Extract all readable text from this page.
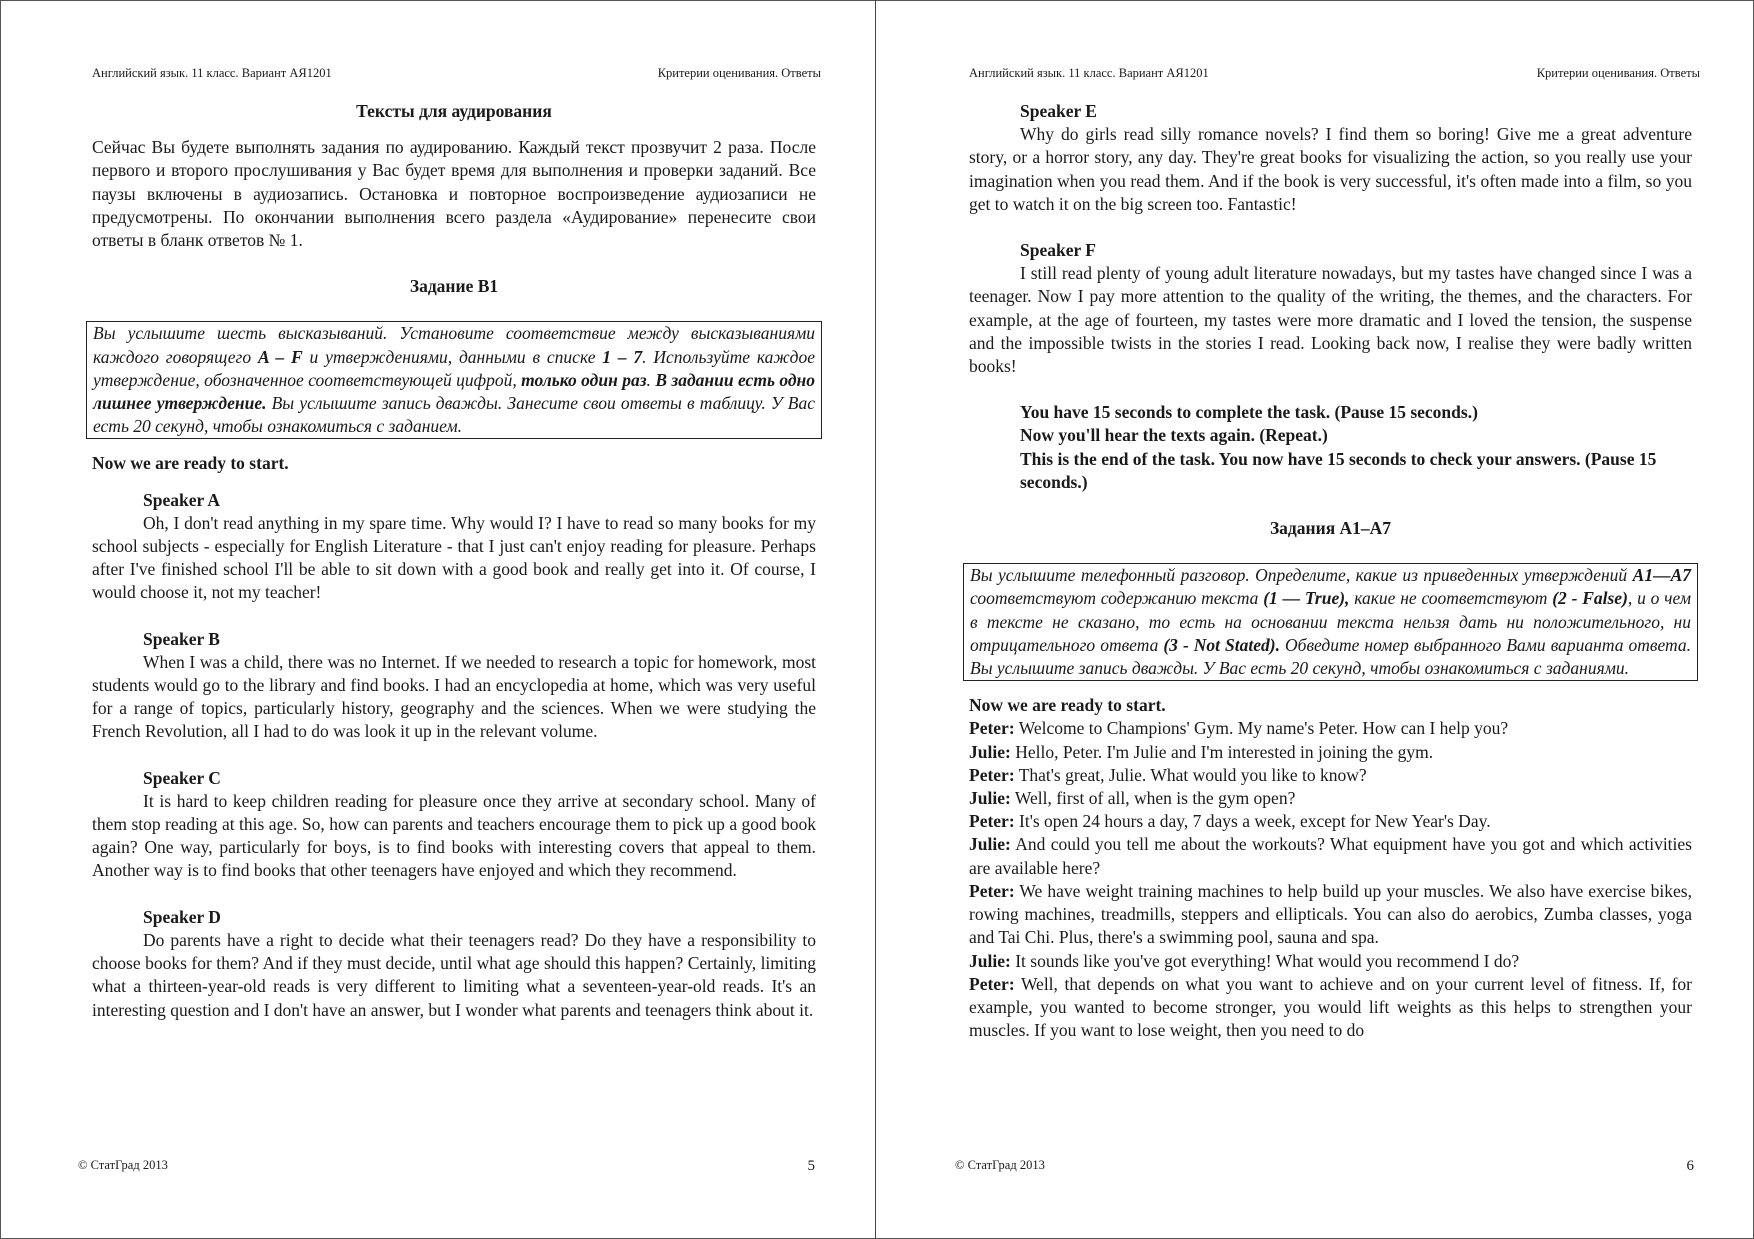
Английский язык. 11 класс. Вариант АЯ1201	Критерии оценивания. Ответы

Тексты для аудирования

Сейчас Вы будете выполнять задания по аудированию. Каждый текст прозвучит 2 раза. После первого и второго прослушивания у Вас будет время для выполнения и проверки заданий. Все паузы включены в аудиозапись. Остановка и повторное воспроизведение аудиозаписи не предусмотрены. По окончании выполнения всего раздела «Аудирование» перенесите свои ответы в бланк ответов № 1.

Задание B1

Вы услышите шесть высказываний. Установите соответствие между высказываниями каждого говорящего A – F и утверждениями, данными в списке 1 – 7. Используйте каждое утверждение, обозначенное соответствующей цифрой, только один раз. В задании есть одно лишнее утверждение. Вы услышите запись дважды. Занесите свои ответы в таблицу. У Вас есть 20 секунд, чтобы ознакомиться с заданием.

Now we are ready to start.

Speaker A

Oh, I don't read anything in my spare time. Why would I? I have to read so many books for my school subjects - especially for English Literature - that I just can't enjoy reading for pleasure. Perhaps after I've finished school I'll be able to sit down with a good book and really get into it. Of course, I would choose it, not my teacher!

Speaker B

When I was a child, there was no Internet. If we needed to research a topic for homework, most students would go to the library and find books. I had an encyclopedia at home, which was very useful for a range of topics, particularly history, geography and the sciences. When we were studying the French Revolution, all I had to do was look it up in the relevant volume.

Speaker C

It is hard to keep children reading for pleasure once they arrive at secondary school. Many of them stop reading at this age. So, how can parents and teachers encourage them to pick up a good book again? One way, particularly for boys, is to find books with interesting covers that appeal to them. Another way is to find books that other teenagers have enjoyed and which they recommend.

Speaker D

Do parents have a right to decide what their teenagers read? Do they have a responsibility to choose books for them? And if they must decide, until what age should this happen? Certainly, limiting what a thirteen-year-old reads is very different to limiting what a seventeen-year-old reads. It's an interesting question and I don't have an answer, but I wonder what parents and teenagers think about it.

© СтатГрад 2013	5
Английский язык. 11 класс. Вариант АЯ1201	Критерии оценивания. Ответы

Speaker E

Why do girls read silly romance novels? I find them so boring! Give me a great adventure story, or a horror story, any day. They're great books for visualizing the action, so you really use your imagination when you read them. And if the book is very successful, it's often made into a film, so you get to watch it on the big screen too. Fantastic!

Speaker F

I still read plenty of young adult literature nowadays, but my tastes have changed since I was a teenager. Now I pay more attention to the quality of the writing, the themes, and the characters. For example, at the age of fourteen, my tastes were more dramatic and I loved the tension, the suspense and the impossible twists in the stories I read. Looking back now, I realise they were badly written books!

You have 15 seconds to complete the task. (Pause 15 seconds.)

Now you'll hear the texts again. (Repeat.)

This is the end of the task. You now have 15 seconds to check your answers. (Pause 15 seconds.)

Задания А1–А7

Вы услышите телефонный разговор. Определите, какие из приведенных утверждений А1—А7 соответствуют содержанию текста (1 — True), какие не соответствуют (2 - False), и о чем в тексте не сказано, то есть на основании текста нельзя дать ни положительного, ни отрицательного ответа (3 - Not Stated). Обведите номер выбранного Вами варианта ответа. Вы услышите запись дважды. У Вас есть 20 секунд, чтобы ознакомиться с заданиями.

Now we are ready to start.

Peter: Welcome to Champions' Gym. My name's Peter. How can I help you?

Julie: Hello, Peter. I'm Julie and I'm interested in joining the gym.

Peter: That's great, Julie. What would you like to know?

Julie: Well, first of all, when is the gym open?

Peter: It's open 24 hours a day, 7 days a week, except for New Year's Day.

Julie: And could you tell me about the workouts? What equipment have you got and which activities are available here?

Peter: We have weight training machines to help build up your muscles. We also have exercise bikes, rowing machines, treadmills, steppers and ellipticals. You can also do aerobics, Zumba classes, yoga and Tai Chi. Plus, there's a swimming pool, sauna and spa.

Julie: It sounds like you've got everything! What would you recommend I do?

Peter: Well, that depends on what you want to achieve and on your current level of fitness. If, for example, you wanted to become stronger, you would lift weights as this helps to strengthen your muscles. If you want to lose weight, then you need to do

© СтатГрад 2013	6
